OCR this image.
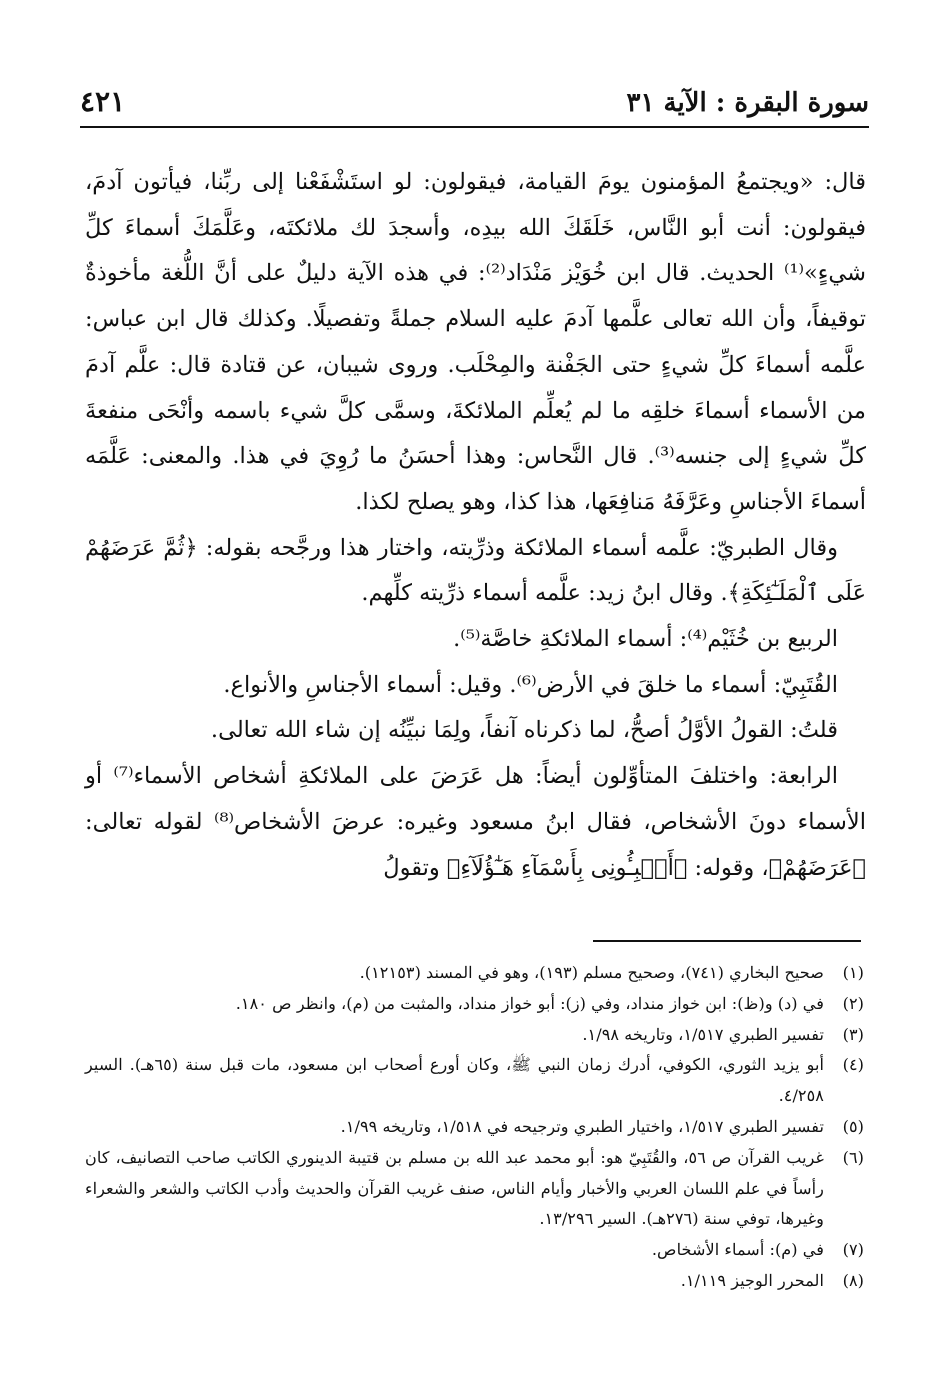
سورة البقرة : الآية ٣١
٤٢١

قال: «ويجتمعُ المؤمنون يومَ القيامة، فيقولون: لو استَشْفَعْنا إلى ربِّنا، فيأتون آدمَ، فيقولون: أنت أبو النَّاس، خَلَقَكَ الله بيدِه، وأسجدَ لك ملائكتَه، وعَلَّمَكَ أسماءَ كلِّ شيءٍ»⁽¹⁾ الحديث. قال ابن خُوَيْز مَنْدَاد⁽²⁾: في هذه الآية دليلٌ على أنَّ اللُّغة مأخوذةٌ توقيفاً، وأن الله تعالى علَّمها آدمَ عليه السلام جملةً وتفصيلًا. وكذلك قال ابن عباس: علَّمه أسماءَ كلِّ شيءٍ حتى الجَفْنة والمِحْلَب. وروى شيبان، عن قتادة قال: علَّم آدمَ من الأسماء أسماءَ خلقِه ما لم يُعلِّم الملائكةَ، وسمَّى كلَّ شيء باسمه وأنْحَى منفعةَ كلِّ شيءٍ إلى جنسه⁽³⁾. قال النَّحاس: وهذا أحسَنُ ما رُوِيَ في هذا. والمعنى: عَلَّمَه أسماءَ الأجناسِ وعَرَّفَهُ مَنافِعَها، هذا كذا، وهو يصلح لكذا.

وقال الطبريّ: علَّمه أسماء الملائكة وذرِّيته، واختار هذا ورجَّحه بقوله: ﴿ثُمَّ عَرَضَهُمْ عَلَى ٱلْمَلَـٰٓئِكَةِ﴾. وقال ابنُ زيد: علَّمه أسماء ذرِّيته كلِّهم.

الربيع بن خُثَيْم⁽⁴⁾: أسماء الملائكةِ خاصَّة⁽⁵⁾.

القُتَبِيّ: أسماء ما خلقَ في الأرض⁽⁶⁾. وقيل: أسماء الأجناسِ والأنواع.

قلتُ: القولُ الأوَّلُ أصحُّ، لما ذكرناه آنفاً، ولِمَا نبيِّنُه إن شاء الله تعالى.

الرابعة: واختلفَ المتأوِّلون أيضاً: هل عَرَضَ على الملائكةِ أشخاص الأسماء⁽⁷⁾ أو الأسماء دونَ الأشخاص، فقال ابنُ مسعود وغيره: عرضَ الأشخاص⁽⁸⁾ لقوله تعالى: ﴿عَرَضَهُمْ﴾، وقوله: ﴿أَنۢبِـُٔونِى بِأَسْمَآءِ هَـٰٓؤُلَآءِ﴾ وتقولُ

(١)
صحيح البخاري (٧٤١)، وصحيح مسلم (١٩٣)، وهو في المسند (١٢١٥٣).
(٢)
في (د) و(ظ): ابن خواز منداد، وفي (ز): أبو خواز منداد، والمثبت من (م)، وانظر ص ١٨٠.
(٣)
تفسير الطبري ١/٥١٧، وتاريخه ١/٩٨.
(٤)
أبو يزيد الثوري، الكوفي، أدرك زمان النبي ﷺ، وكان أورع أصحاب ابن مسعود، مات قبل سنة (٦٥هـ). السير ٤/٢٥٨.
(٥)
تفسير الطبري ١/٥١٧، واختيار الطبري وترجيحه في ١/٥١٨، وتاريخه ١/٩٩.
(٦)
غريب القرآن ص ٥٦، والقُتَبِيّ هو: أبو محمد عبد الله بن مسلم بن قتيبة الدينوري الكاتب صاحب التصانيف، كان رأساً في علم اللسان العربي والأخبار وأيام الناس، صنف غريب القرآن والحديث وأدب الكاتب والشعر والشعراء وغيرها، توفي سنة (٢٧٦هـ). السير ١٣/٢٩٦.
(٧)
في (م): أسماء الأشخاص.
(٨)
المحرر الوجيز ١/١١٩.
